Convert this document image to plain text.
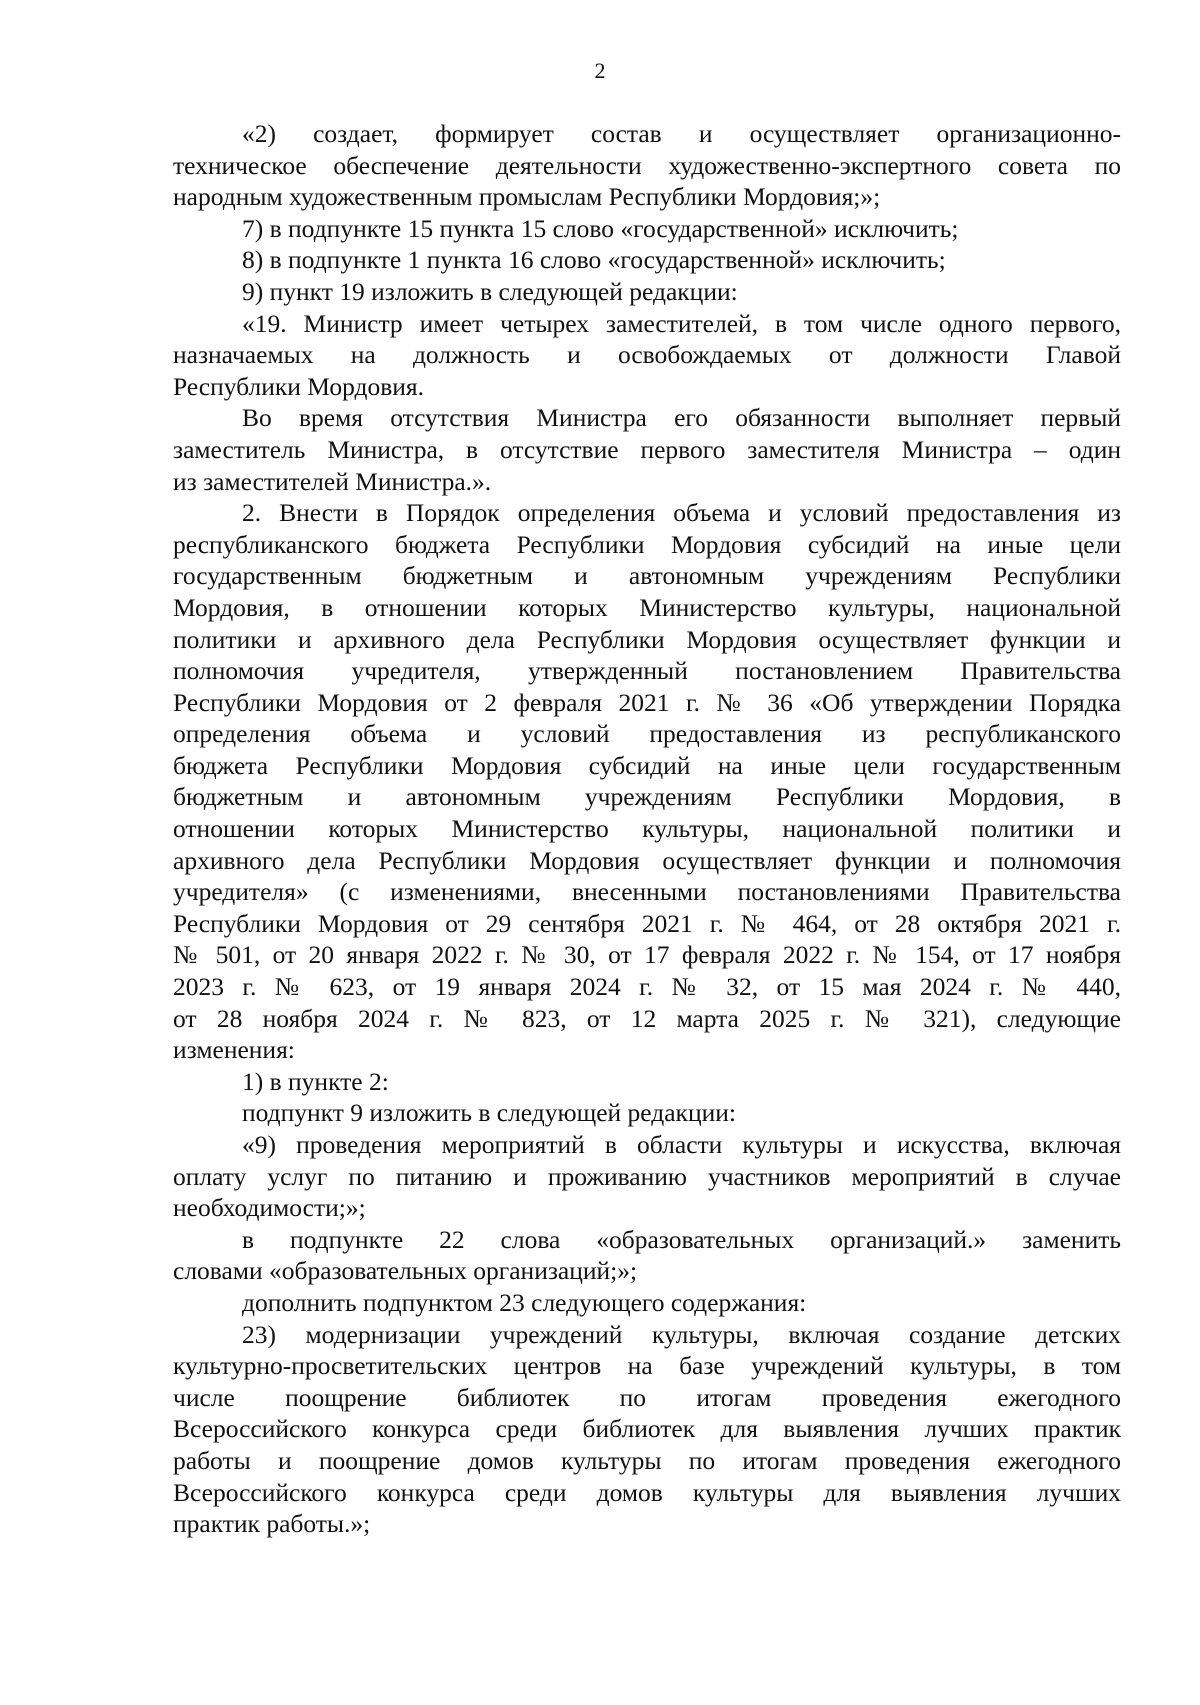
2

«2) создает, формирует состав и осуществляет организационно-
техническое обеспечение деятельности художественно-экспертного совета по
народным художественным промыслам Республики Мордовия;»;

7) в подпункте 15 пункта 15 слово «государственной» исключить;

8) в подпункте 1 пункта 16 слово «государственной» исключить;

9) пункт 19 изложить в следующей редакции:

«19. Министр имеет четырех заместителей, в том числе одного первого,
назначаемых на должность и освобождаемых от должности Главой
Республики Мордовия.

Во время отсутствия Министра его обязанности выполняет первый
заместитель Министра, в отсутствие первого заместителя Министра – один
из заместителей Министра.».

2. Внести в Порядок определения объема и условий предоставления из
республиканского бюджета Республики Мордовия субсидий на иные цели
государственным бюджетным и автономным учреждениям Республики
Мордовия, в отношении которых Министерство культуры, национальной
политики и архивного дела Республики Мордовия осуществляет функции и
полномочия учредителя, утвержденный постановлением Правительства
Республики Мордовия от 2 февраля 2021 г. № 36 «Об утверждении Порядка
определения объема и условий предоставления из республиканского
бюджета Республики Мордовия субсидий на иные цели государственным
бюджетным и автономным учреждениям Республики Мордовия, в
отношении которых Министерство культуры, национальной политики и
архивного дела Республики Мордовия осуществляет функции и полномочия
учредителя» (с изменениями, внесенными постановлениями Правительства
Республики Мордовия от 29 сентября 2021 г. № 464, от 28 октября 2021 г.
№ 501, от 20 января 2022 г. № 30, от 17 февраля 2022 г. № 154, от 17 ноября
2023 г. № 623, от 19 января 2024 г. № 32, от 15 мая 2024 г. № 440,
от 28 ноября 2024 г. № 823, от 12 марта 2025 г. № 321), следующие
изменения:

1) в пункте 2:

подпункт 9 изложить в следующей редакции:

«9) проведения мероприятий в области культуры и искусства, включая
оплату услуг по питанию и проживанию участников мероприятий в случае
необходимости;»;

в подпункте 22 слова «образовательных организаций.» заменить
словами «образовательных организаций;»;

дополнить подпунктом 23 следующего содержания:

23) модернизации учреждений культуры, включая создание детских
культурно-просветительских центров на базе учреждений культуры, в том
числе поощрение библиотек по итогам проведения ежегодного
Всероссийского конкурса среди библиотек для выявления лучших практик
работы и поощрение домов культуры по итогам проведения ежегодного
Всероссийского конкурса среди домов культуры для выявления лучших
практик работы.»;
